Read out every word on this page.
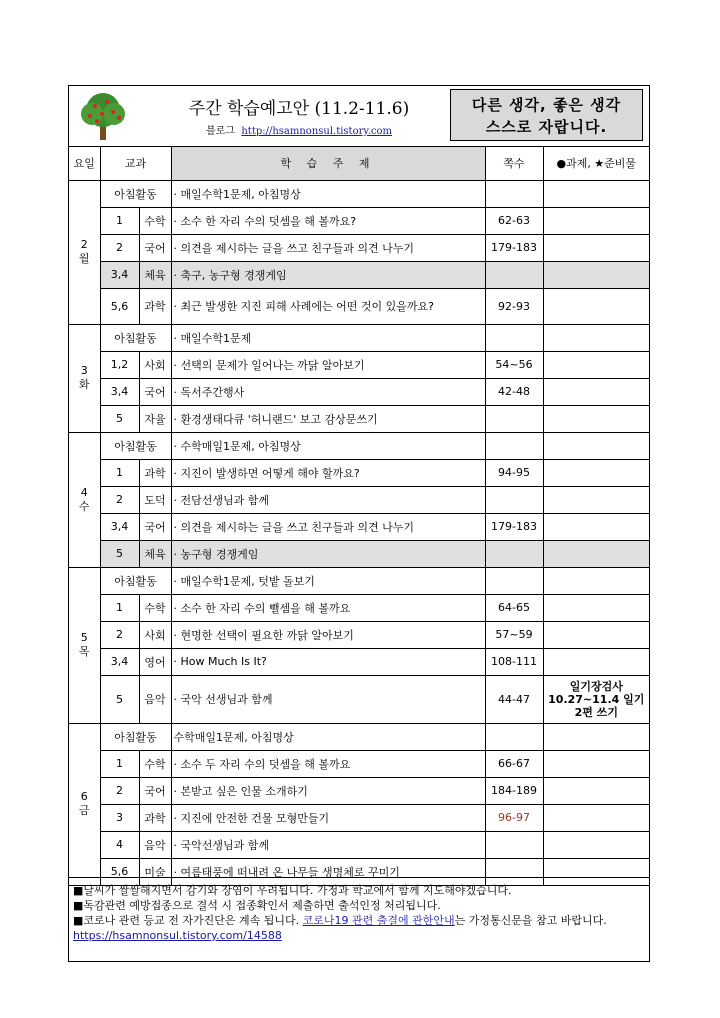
주간 학습예고안 (11.2-11.6)
블로그 http://hsamnonsul.tistory.com
다른 생각, 좋은 생각
스스로 자랍니다.
요일	교과		학 습 주 제	쪽수	●과제, ★준비물

2
월	아침활동		· 매일수학1문제, 아침명상		
	1	수학	· 소수 한 자리 수의 덧셈을 해 볼까요?	62-63	
	2	국어	· 의견을 제시하는 글을 쓰고 친구들과 의견 나누기	179-183	
	3,4	체육	· 축구, 농구형 경쟁게임		
	5,6	과학	· 최근 발생한 지진 피해 사례에는 어떤 것이 있을까요?	92-93	

3
화	아침활동		· 매일수학1문제		
	1,2	사회	· 선택의 문제가 일어나는 까닭 알아보기	54~56	
	3,4	국어	· 독서주간행사	42-48	
	5	자율	· 환경생태다큐 '허니랜드' 보고 감상문쓰기		

4
수	아침활동		· 수학매일1문제, 아침명상		
	1	과학	· 지진이 발생하면 어떻게 해야 할까요?	94-95	
	2	도덕	· 전담선생님과 함께		
	3,4	국어	· 의견을 제시하는 글을 쓰고 친구들과 의견 나누기	179-183	
	5	체육	· 농구형 경쟁게임		

5
목	아침활동		· 매일수학1문제, 텃밭 돌보기		
	1	수학	· 소수 한 자리 수의 뺄셈을 해 볼까요	64-65	
	2	사회	· 현명한 선택이 필요한 까닭 알아보기	57~59	
	3,4	영어	· How Much Is It?	108-111	
	5	음악	· 국악 선생님과 함께	44-47	일기장검사
10.27~11.4 일기
2편 쓰기

6
금	아침활동		수학매일1문제, 아침명상		
	1	수학	· 소수 두 자리 수의 덧셈을 해 볼까요	66-67	
	2	국어	· 본받고 싶은 인물 소개하기	184-189	
	3	과학	· 지진에 안전한 건물 모형만들기	96-97	
	4	음악	· 국악선생님과 함께		
	5,6	미술	· 여름태풍에 떠내려 온 나무들 생명체로 꾸미기		
■날씨가 쌀쌀해지면서 감기와 장염이 우려됩니다. 가정과 학교에서 함께 지도해야겠습니다.
■독감관련 예방접종으로 결석 시 접종확인서 제출하면 출석인정 처리됩니다.
■코로나 관련 등교 전 자가진단은 계속 됩니다. 코로나19 관련 출결에 관한안내는 가정통신문을 참고 바랍니다.
https://hsamnonsul.tistory.com/14588
